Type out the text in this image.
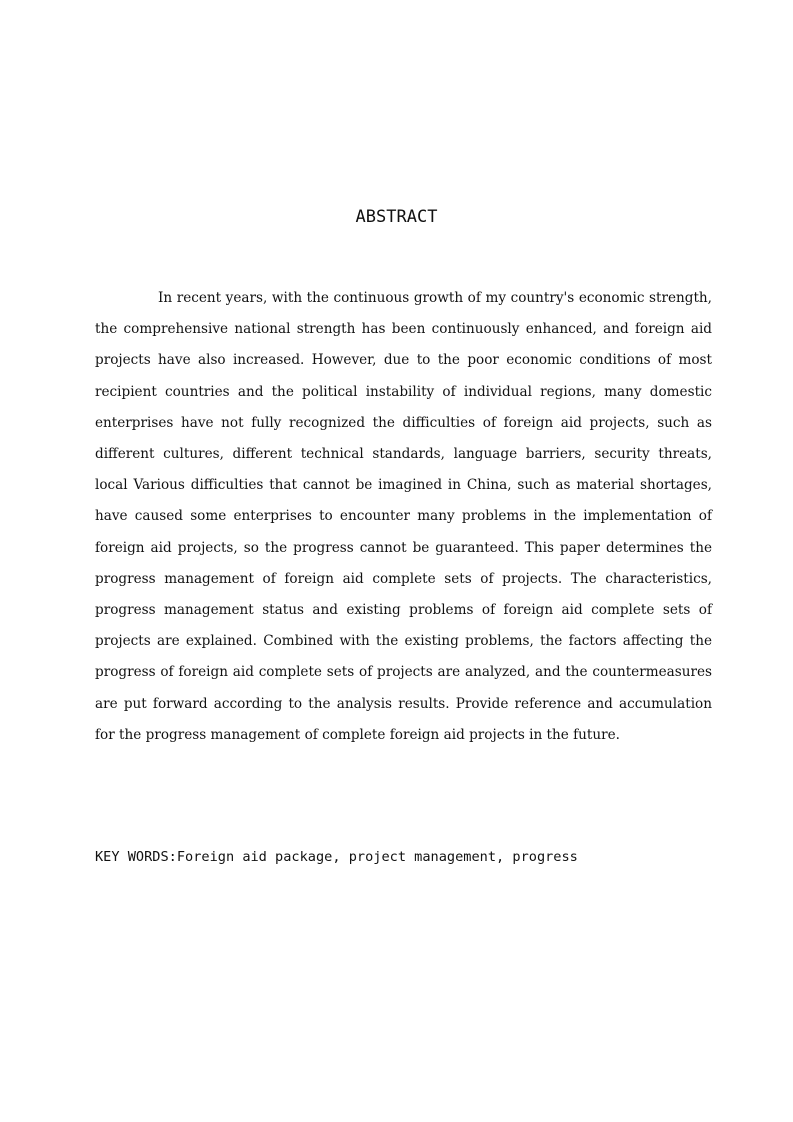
ABSTRACT

In recent years, with the continuous growth of my country's economic strength, the comprehensive national strength has been continuously enhanced, and foreign aid projects have also increased. However, due to the poor economic conditions of most recipient countries and the political instability of individual regions, many domestic enterprises have not fully recognized the difficulties of foreign aid projects, such as different cultures, different technical standards, language barriers, security threats, local Various difficulties that cannot be imagined in China, such as material shortages, have caused some enterprises to encounter many problems in the implementation of foreign aid projects, so the progress cannot be guaranteed. This paper determines the progress management of foreign aid complete sets of projects. The characteristics, progress management status and existing problems of foreign aid complete sets of projects are explained. Combined with the existing problems, the factors affecting the progress of foreign aid complete sets of projects are analyzed, and the countermeasures are put forward according to the analysis results. Provide reference and accumulation for the progress management of complete foreign aid projects in the future.

KEY WORDS:Foreign aid package, project management, progress
